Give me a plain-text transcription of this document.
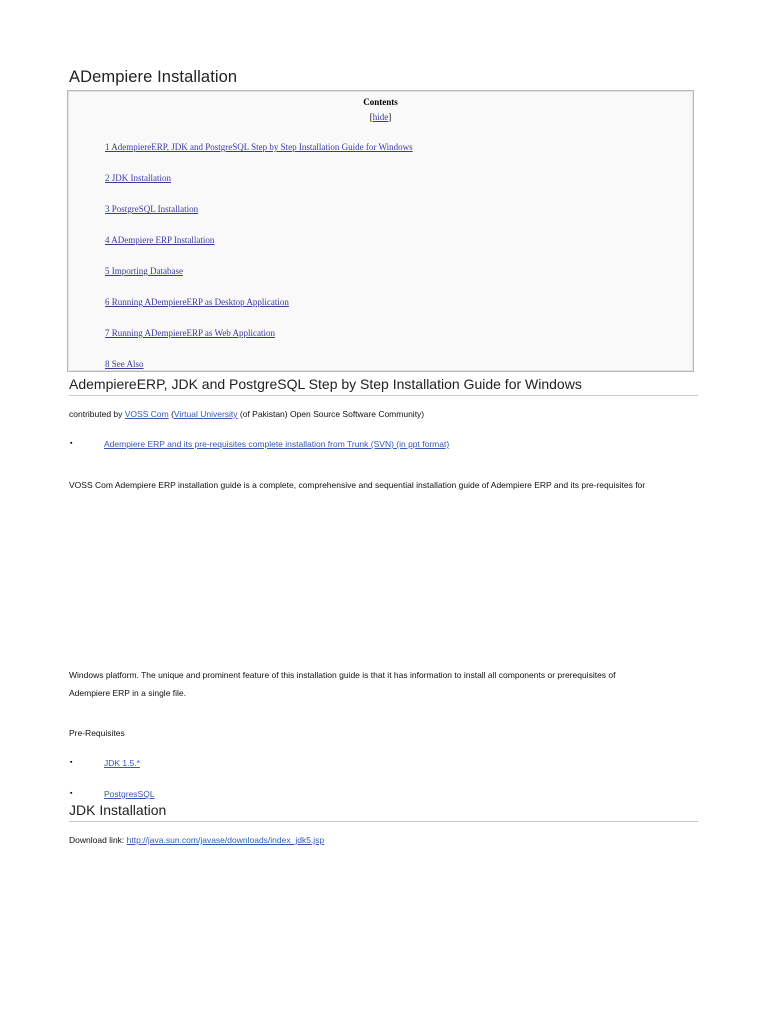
ADempiere Installation
Contents
[hide]
1 AdempiereERP, JDK and PostgreSQL Step by Step Installation Guide for Windows
2 JDK Installation
3 PostgreSQL Installation
4 ADempiere ERP Installation
5 Importing Database
6 Running ADempiereERP as Desktop Application
7 Running ADempiereERP as Web Application
8 See Also
AdempiereERP, JDK and PostgreSQL Step by Step Installation Guide for Windows
contributed by VOSS Com (Virtual University (of Pakistan) Open Source Software Community)
▪	Adempiere ERP and its pre-requisites complete installation from Trunk (SVN) (in ppt format)
VOSS Com Adempiere ERP installation guide is a complete, comprehensive and sequential installation guide of Adempiere ERP and its pre-requisites for
Windows platform. The unique and prominent feature of this installation guide is that it has information to install all components or prerequisites of
Adempiere ERP in a single file.
Pre-Requisites
▪	JDK 1.5.*
▪	PostgresSQL
JDK Installation
Download link: http://java.sun.com/javase/downloads/index_jdk5.jsp
